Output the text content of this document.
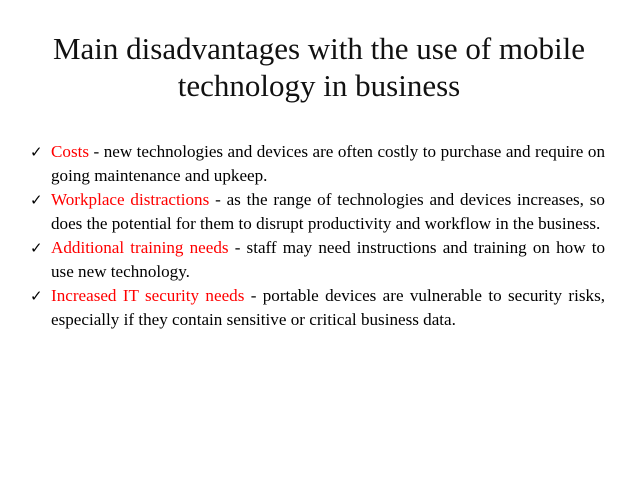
Main disadvantages with the use of mobile technology in business
✓ Costs - new technologies and devices are often costly to purchase and require on going maintenance and upkeep.
✓ Workplace distractions - as the range of technologies and devices increases, so does the potential for them to disrupt productivity and workflow in the business.
✓ Additional training needs - staff may need instructions and training on how to use new technology.
✓ Increased IT security needs - portable devices are vulnerable to security risks, especially if they contain sensitive or critical business data.
